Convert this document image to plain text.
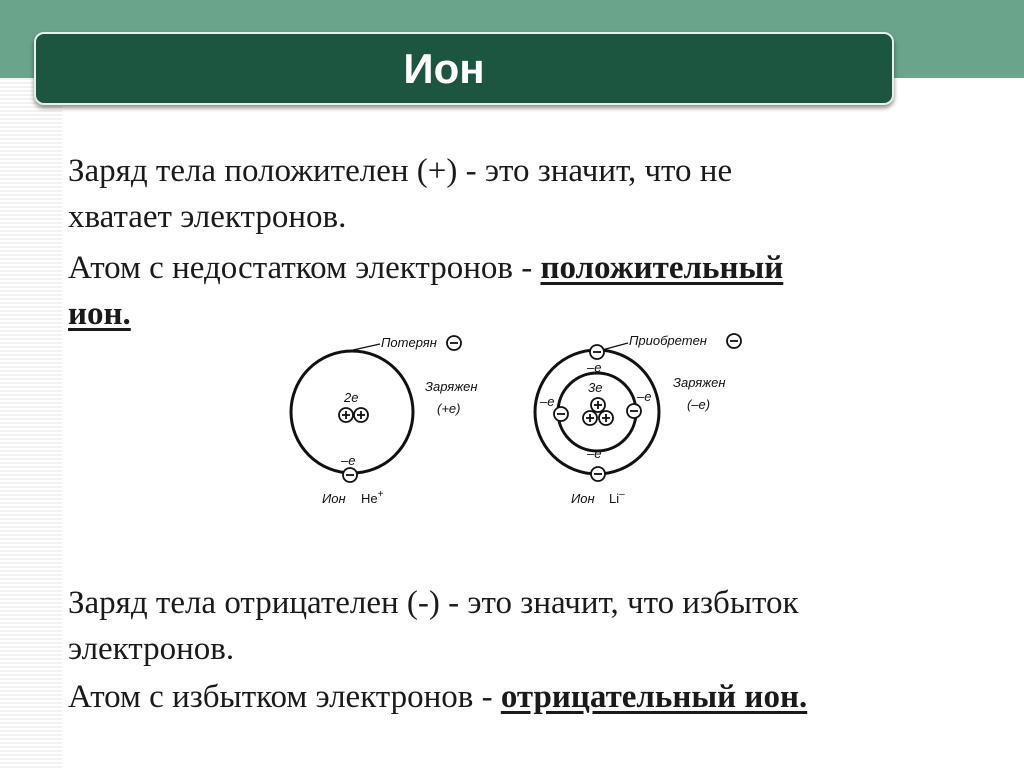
Ион

Заряд тела положителен (+) - это значит, что не
хватает электронов.

Атом с недостатком электронов - положительный
ион.

Потерян
2e
Заряжен
(+e)
–e
Ион He+
Приобретен
–e
3e
–e	–e
Заряжен
(–e)
–e
Ион Li–

Заряд тела отрицателен (-) - это значит, что избыток
электронов.

Атом с избытком электронов - отрицательный ион.
